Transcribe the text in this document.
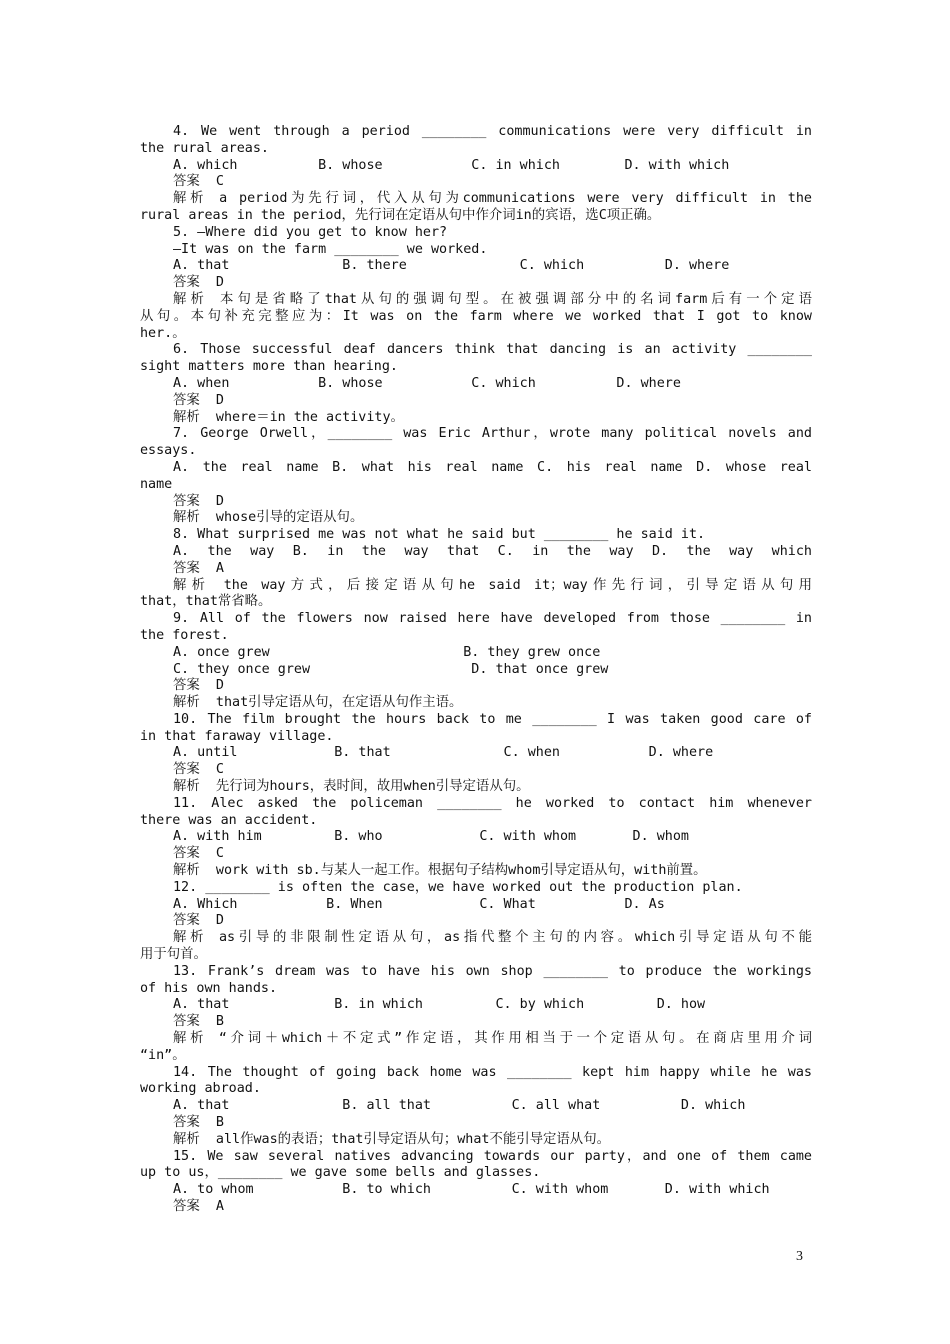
4. We went through a period ________ communications were very difficult in
the rural areas.
A. which          B. whose           C. in which        D. with which
答案  C
解析 a period为先行词，代入从句为communications were very difficult in the
rural areas in the period，先行词在定语从句中作介词in的宾语，选C项正确。
5. —Where did you get to know her?
—It was on the farm ________ we worked.
A. that              B. there              C. which          D. where
答案  D
解析 本句是省略了that从句的强调句型。在被强调部分中的名词farm后有一个定语
从句。本句补充完整应为：It was on the farm where we worked that I got to know
her.。
6. Those successful deaf dancers think that dancing is an activity ________
sight matters more than hearing.
A. when           B. whose           C. which          D. where
答案  D
解析  where＝in the activity。
7. George Orwell，________ was Eric Arthur，wrote many political novels and
essays.
A. the real name B. what his real name C. his real name D. whose real
name
答案  D
解析  whose引导的定语从句。
8. What surprised me was not what he said but ________ he said it.
A. the way B. in the way that C. in the way D. the way which
答案  A
解析 the way方式，后接定语从句he said it；way作先行词，引导定语从句用
that，that常省略。
9. All of the flowers now raised here have developed from those ________ in
the forest.
A. once grew                        B. they grew once
C. they once grew                    D. that once grew
答案  D
解析  that引导定语从句，在定语从句作主语。
10. The film brought the hours back to me ________ I was taken good care of
in that faraway village.
A. until            B. that              C. when           D. where
答案  C
解析  先行词为hours，表时间，故用when引导定语从句。
11. Alec asked the policeman ________ he worked to contact him whenever
there was an accident.
A. with him         B. who            C. with whom       D. whom
答案  C
解析  work with sb.与某人一起工作。根据句子结构whom引导定语从句，with前置。
12. ________ is often the case，we have worked out the production plan.
A. Which           B. When            C. What           D. As
答案  D
解析 as引导的非限制性定语从句，as指代整个主句的内容。which引导定语从句不能
用于句首。
13. Frank’s dream was to have his own shop ________ to produce the workings
of his own hands.
A. that             B. in which         C. by which         D. how
答案  B
解析 “介词＋which＋不定式”作定语，其作用相当于一个定语从句。在商店里用介词
“in”。
14. The thought of going back home was ________ kept him happy while he was
working abroad.
A. that              B. all that          C. all what          D. which
答案  B
解析  all作was的表语；that引导定语从句；what不能引导定语从句。
15. We saw several natives advancing towards our party，and one of them came
up to us，________ we gave some bells and glasses.
A. to whom           B. to which          C. with whom       D. with which
答案  A
3
